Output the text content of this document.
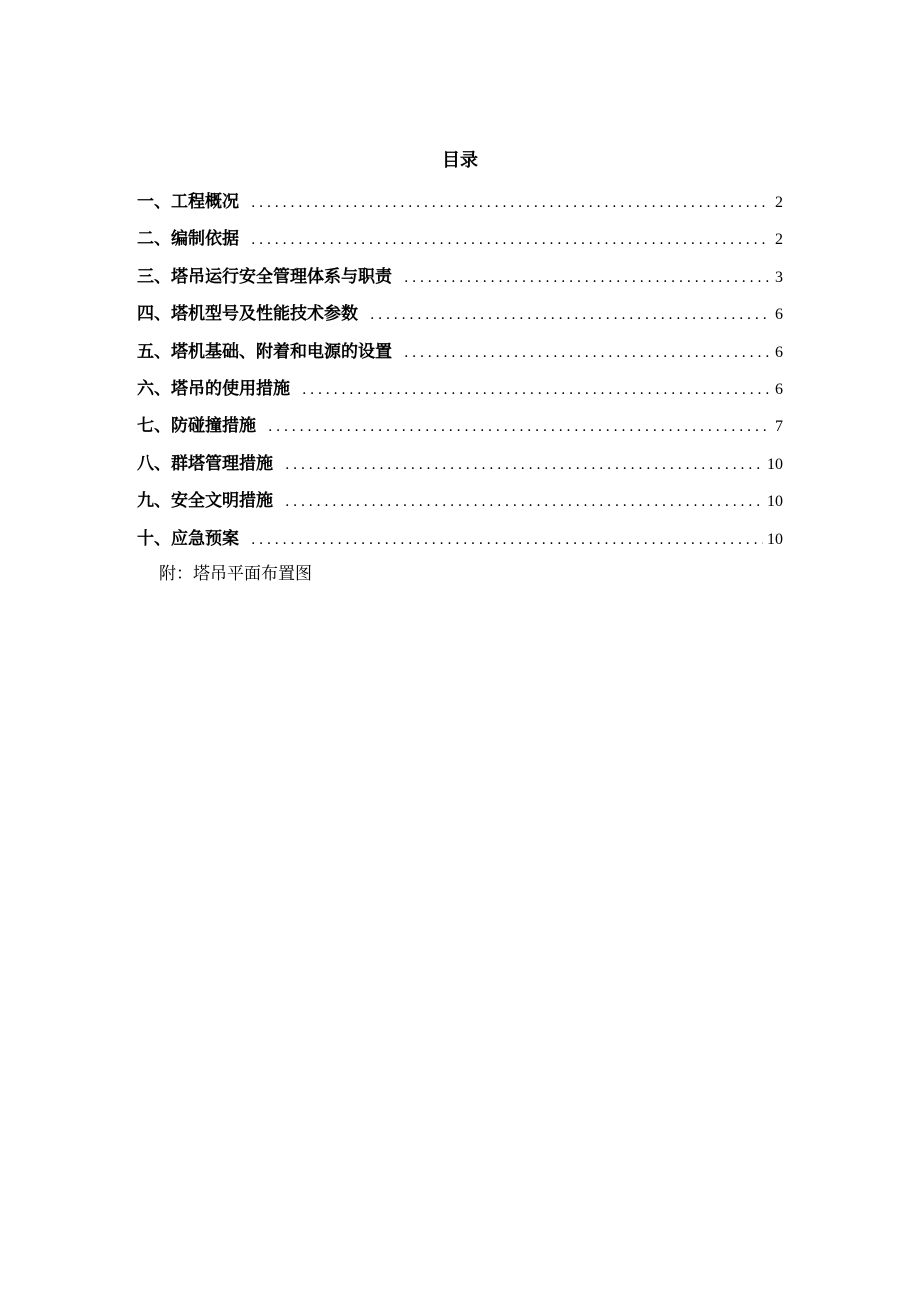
目录
一、工程概况 .....	2
二、编制依据 .....	2
三、塔吊运行安全管理体系与职责 .....	3
四、塔机型号及性能技术参数 .....	6
五、塔机基础、附着和电源的设置 .....	6
六、塔吊的使用措施 .....	6
七、防碰撞措施 .....	7
八、群塔管理措施 .....	10
九、安全文明措施 .....	10
十、应急预案 .....	10
附：塔吊平面布置图
